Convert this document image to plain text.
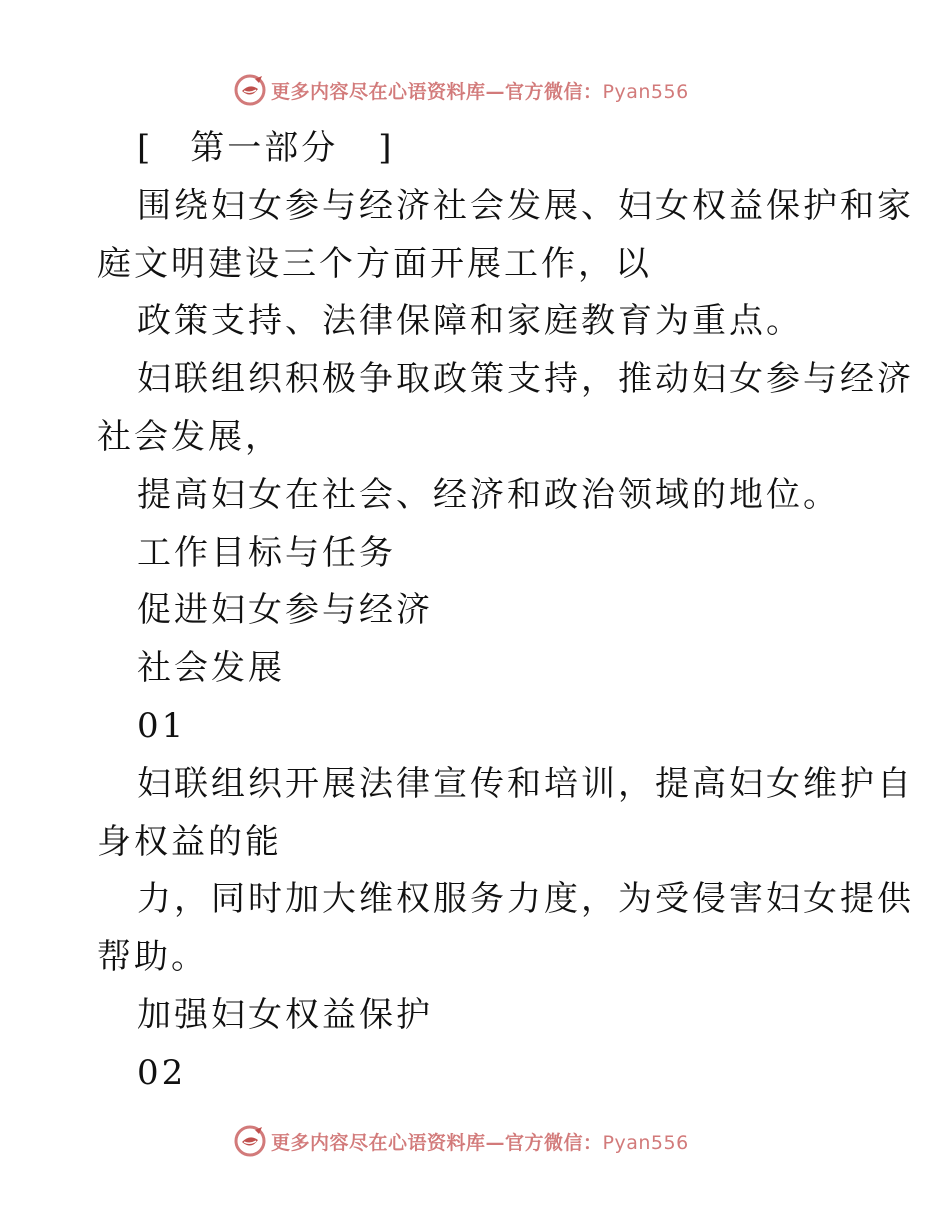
更多内容尽在心语资料库—官方微信：Pyan556
[ 第一部分 ]
围绕妇女参与经济社会发展、妇女权益保护和家
庭文明建设三个方面开展工作，以
政策支持、法律保障和家庭教育为重点。
妇联组织积极争取政策支持，推动妇女参与经济
社会发展，
提高妇女在社会、经济和政治领域的地位。
工作目标与任务
促进妇女参与经济
社会发展
01
妇联组织开展法律宣传和培训，提高妇女维护自
身权益的能
力，同时加大维权服务力度，为受侵害妇女提供
帮助。
加强妇女权益保护
02
更多内容尽在心语资料库—官方微信：Pyan556
